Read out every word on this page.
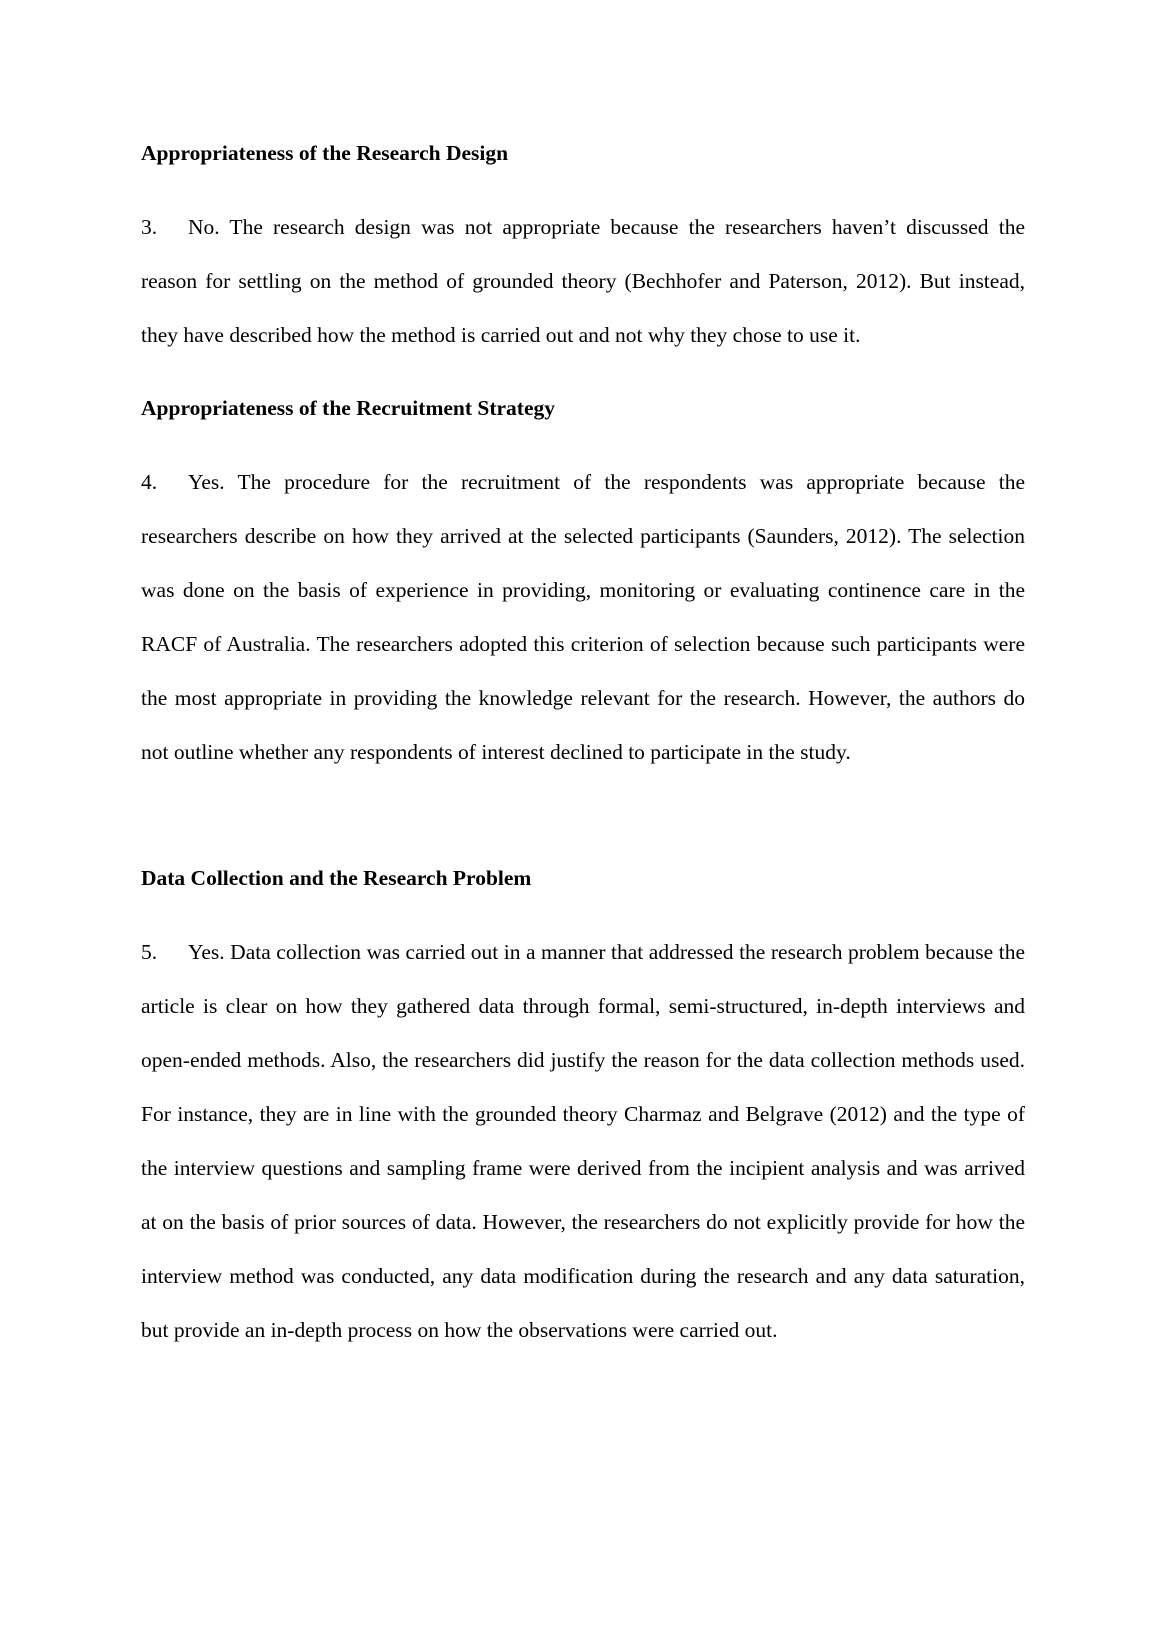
Appropriateness of the Research Design
3. No. The research design was not appropriate because the researchers haven’t discussed the reason for settling on the method of grounded theory (Bechhofer and Paterson, 2012). But instead, they have described how the method is carried out and not why they chose to use it.
Appropriateness of the Recruitment Strategy
4. Yes. The procedure for the recruitment of the respondents was appropriate because the researchers describe on how they arrived at the selected participants (Saunders, 2012). The selection was done on the basis of experience in providing, monitoring or evaluating continence care in the RACF of Australia. The researchers adopted this criterion of selection because such participants were the most appropriate in providing the knowledge relevant for the research. However, the authors do not outline whether any respondents of interest declined to participate in the study.
Data Collection and the Research Problem
5. Yes. Data collection was carried out in a manner that addressed the research problem because the article is clear on how they gathered data through formal, semi-structured, in-depth interviews and open-ended methods. Also, the researchers did justify the reason for the data collection methods used. For instance, they are in line with the grounded theory Charmaz and Belgrave (2012) and the type of the interview questions and sampling frame were derived from the incipient analysis and was arrived at on the basis of prior sources of data. However, the researchers do not explicitly provide for how the interview method was conducted, any data modification during the research and any data saturation, but provide an in-depth process on how the observations were carried out.
